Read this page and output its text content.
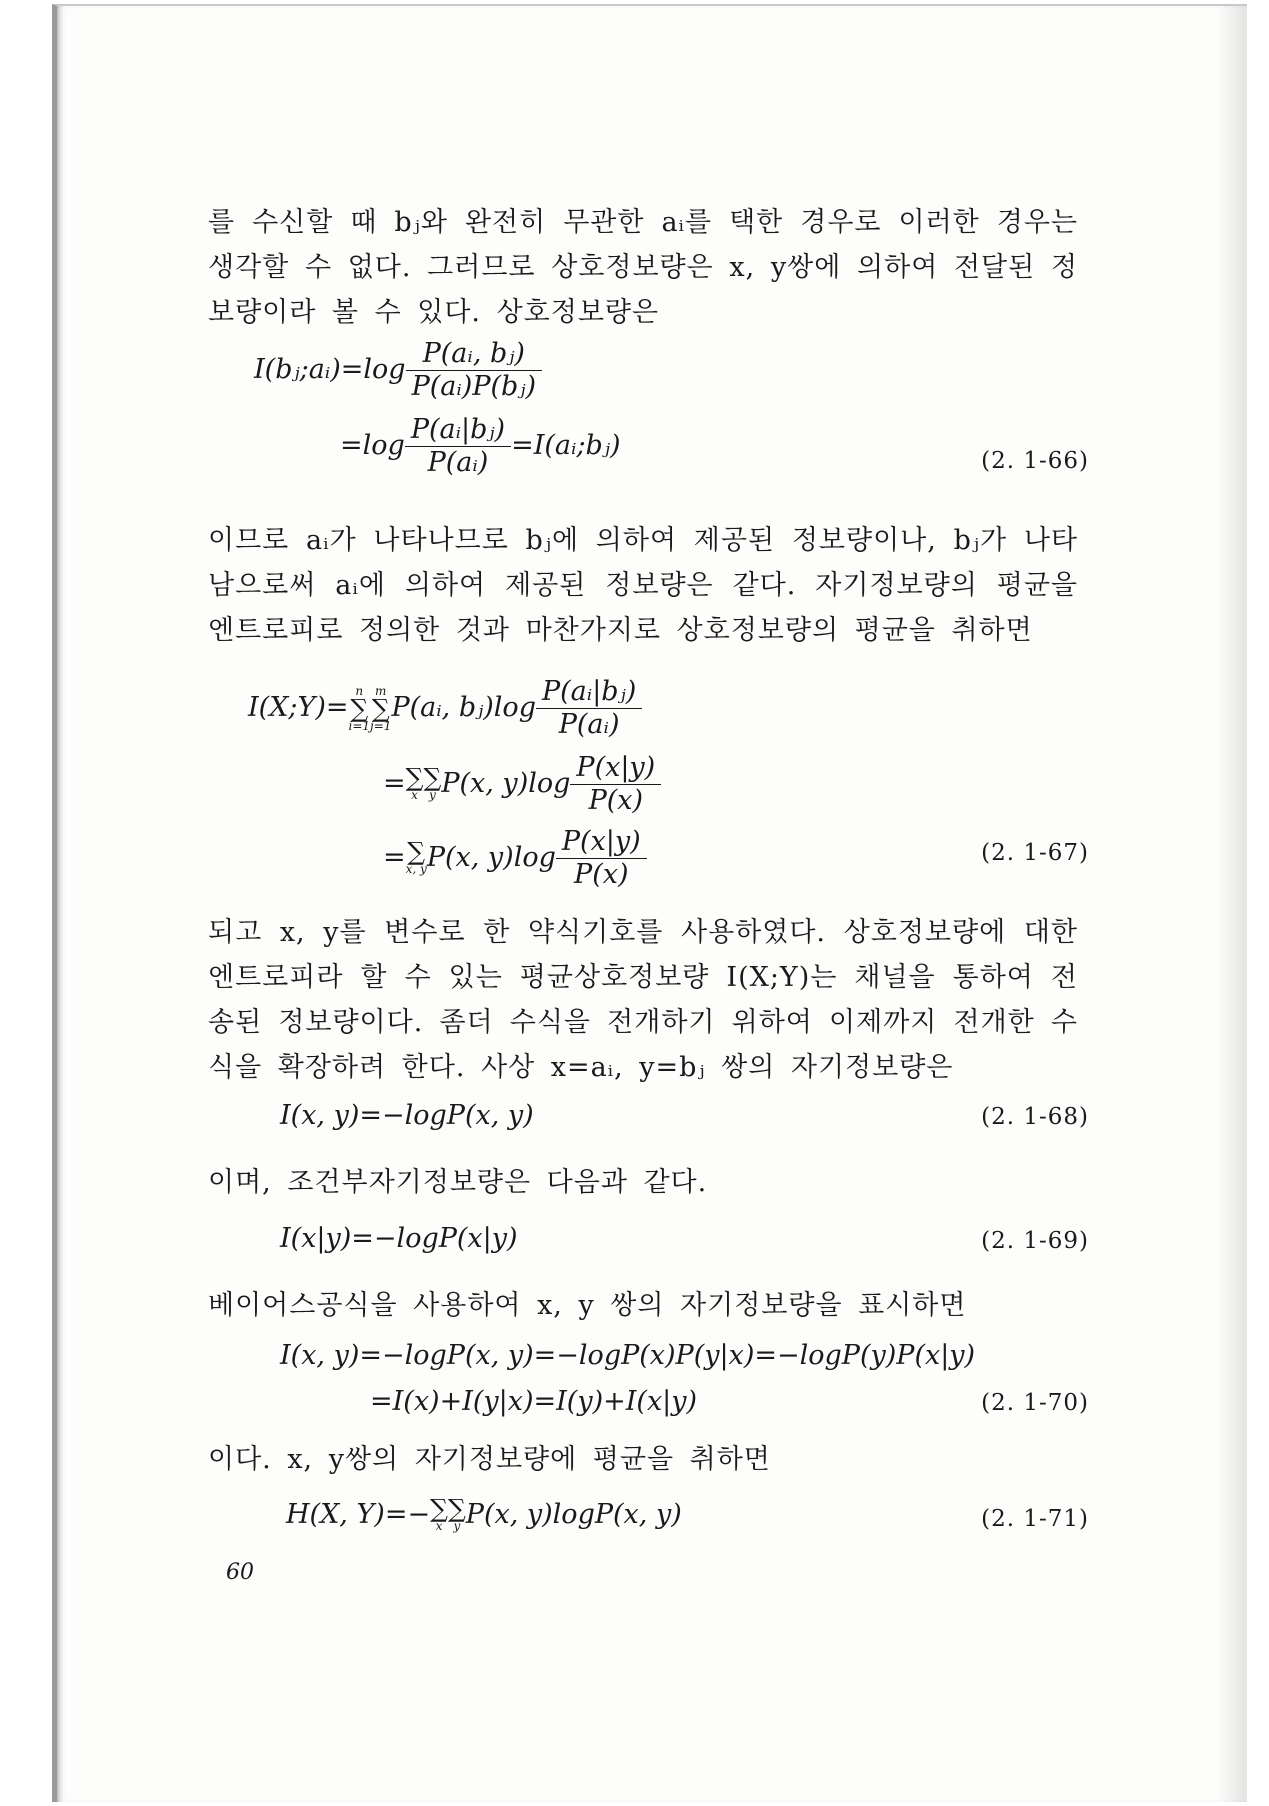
를 수신할 때 bⱼ와 완전히 무관한 aᵢ를 택한 경우로 이러한 경우는 생각할 수 없다. 그러므로 상호정보량은 x, y쌍에 의하여 전달된 정보량이라 볼 수 있다. 상호정보량은

I(bⱼ;aᵢ)=log $\frac{\text{P(aᵢ, bⱼ)}}{\text{P(aᵢ)P(bⱼ)}}$
$=\log \frac{\text{P(aᵢ|bⱼ)}}{\text{P(aᵢ)}}$ =I(aᵢ;bⱼ)	(2. 1-66)

이므로 aᵢ가 나타나므로 bⱼ에 의하여 제공된 정보량이나, bⱼ가 나타남으로써 aᵢ에 의하여 제공된 정보량은 같다. 자기정보량의 평균을 엔트로피로 정의한 것과 마찬가지로 상호정보량의 평균을 취하면

I(X;Y)=
n
∑
i=1
m
∑
j=1
P(aᵢ, bⱼ)log $\frac{\text{P(aᵢ|bⱼ)}}{\text{P(aᵢ)}}$
= ∑
x
∑
y P(x, $y)\log \frac{P(x|y)}{P(x)}$
= ∑
x, y P(x, $y)\log \frac{P(x|y)}{P(x)}$	(2. 1-67)

되고 x, y를 변수로 한 약식기호를 사용하였다. 상호정보량에 대한 엔트로피라 할 수 있는 평균상호정보량 I(X;Y)는 채널을 통하여 전송된 정보량이다. 좀더 수식을 전개하기 위하여 이제까지 전개한 수식을 확장하려 한다. 사상 x=aᵢ, y=bⱼ 쌍의 자기정보량은

I(x, y)=−logP(x, y)	(2. 1-68)

이며, 조건부자기정보량은 다음과 같다.

I(x|y)=−logP(x|y)	(2. 1-69)

베이어스공식을 사용하여 x, y 쌍의 자기정보량을 표시하면

I(x, y)=−logP(x, y)=−logP(x)P(y|x)=−logP(y)P(x|y)
=I(x)+I(y|x)=I(y)+I(x|y)	(2. 1-70)

이다. x, y쌍의 자기정보량에 평균을 취하면

H(X, Y)=− ∑
x
∑
y P(x, y)logP(x, y)	(2. 1-71)
60
